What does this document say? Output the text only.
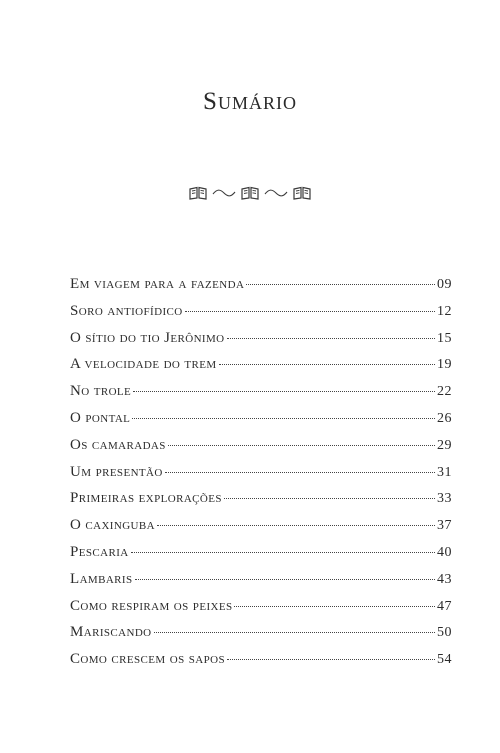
Sumário
Em viagem para a fazenda	09
Soro antiofídico	12
O sítio do tio Jerônimo	15
A velocidade do trem	19
No trole	22
O pontal	26
Os camaradas	29
Um presentão	31
Primeiras explorações	33
O caxinguba	37
Pescaria	40
Lambaris	43
Como respiram os peixes	47
Mariscando	50
Como crescem os sapos	54
